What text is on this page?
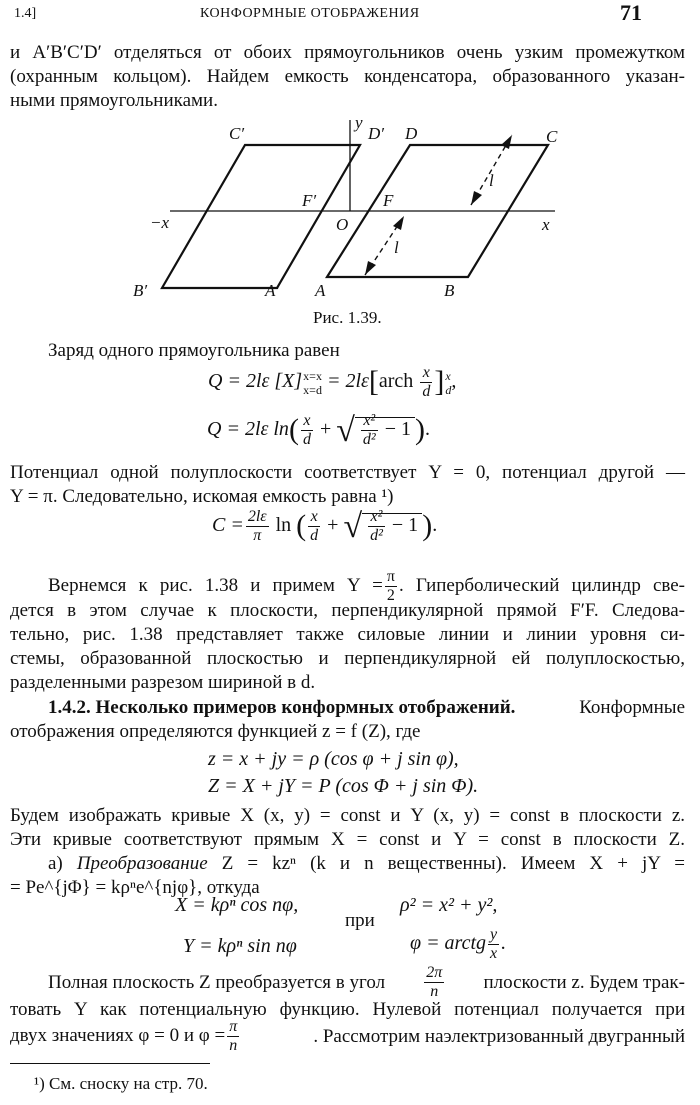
1.4]	КОНФОРМНЫЕ ОТОБРАЖЕНИЯ	71
и A′B′C′D′ отделяться от обоих прямоугольников очень узким промежутком
(охранным кольцом). Найдем емкость конденсатора, образованного указан-
ными прямоугольниками.
C′	D′ D	C
y
F′	F
O
−x	x
l
l
B′	A′ A	B
Рис. 1.39.
Заряд одного прямоугольника равен
Q = 2lε [X] x=x
x=d = 2lε[arch $\frac{x}{d}$ ] x
d ,
Q = 2lε $\ln( \frac{x}{d}$ + √ $\frac{\text{x²}}{\text{d²}} - 1$ ).
Потенциал одной полуплоскости соответствует Y = 0, потенциал другой —
Y = π. Следовательно, искомая емкость равна ¹)
$C = \frac{2l\varepsilon}{\pi}$ ln ( $\frac{x}{d}$ + √ $\frac{\text{x²}}{\text{d²}} - 1$ ).
Вернемся к рис. 1.38 и примем $Y = \frac{\pi}{2}$ . Гиперболический цилиндр све-
дется в этом случае к плоскости, перпендикулярной прямой F′F. Следова-
тельно, рис. 1.38 представляет также силовые линии и линии уровня си-
стемы, образованной плоскостью и перпендикулярной ей полуплоскостью,
разделенными разрезом шириной в d.
1.4.2. Несколько примеров конформных отображений.	Конформные
отображения определяются функцией z = f (Z), где
z = x + jy = ρ (cos φ + j sin φ),
Z = X + jY = P (cos Φ + j sin Φ).
Будем изображать кривые X (x, y) = const и Y (x, y) = const в плоскости z.
Эти кривые соответствуют прямым X = const и Y = const в плоскости Z.
а) Преобразование Z = kzⁿ (k и n вещественны). Имеем X + jY =
= Pe^{jΦ} = kρⁿe^{njφ}, откуда
X = kρⁿ cos nφ,	ρ² = x² + y²,
при
Y = kρⁿ sin nφ	φ = arctg $\frac{y}{x}$ .
Полная плоскость Z преобразуется в угол $\frac{2\pi}{n}$ плоскости z. Будем трак-
товать Y как потенциальную функцию. Нулевой потенциал получается при
двух значениях φ = 0 и $\varphi = \frac{\pi}{n}$	. Рассмотрим наэлектризованный двугранный
¹) См. сноску на стр. 70.
